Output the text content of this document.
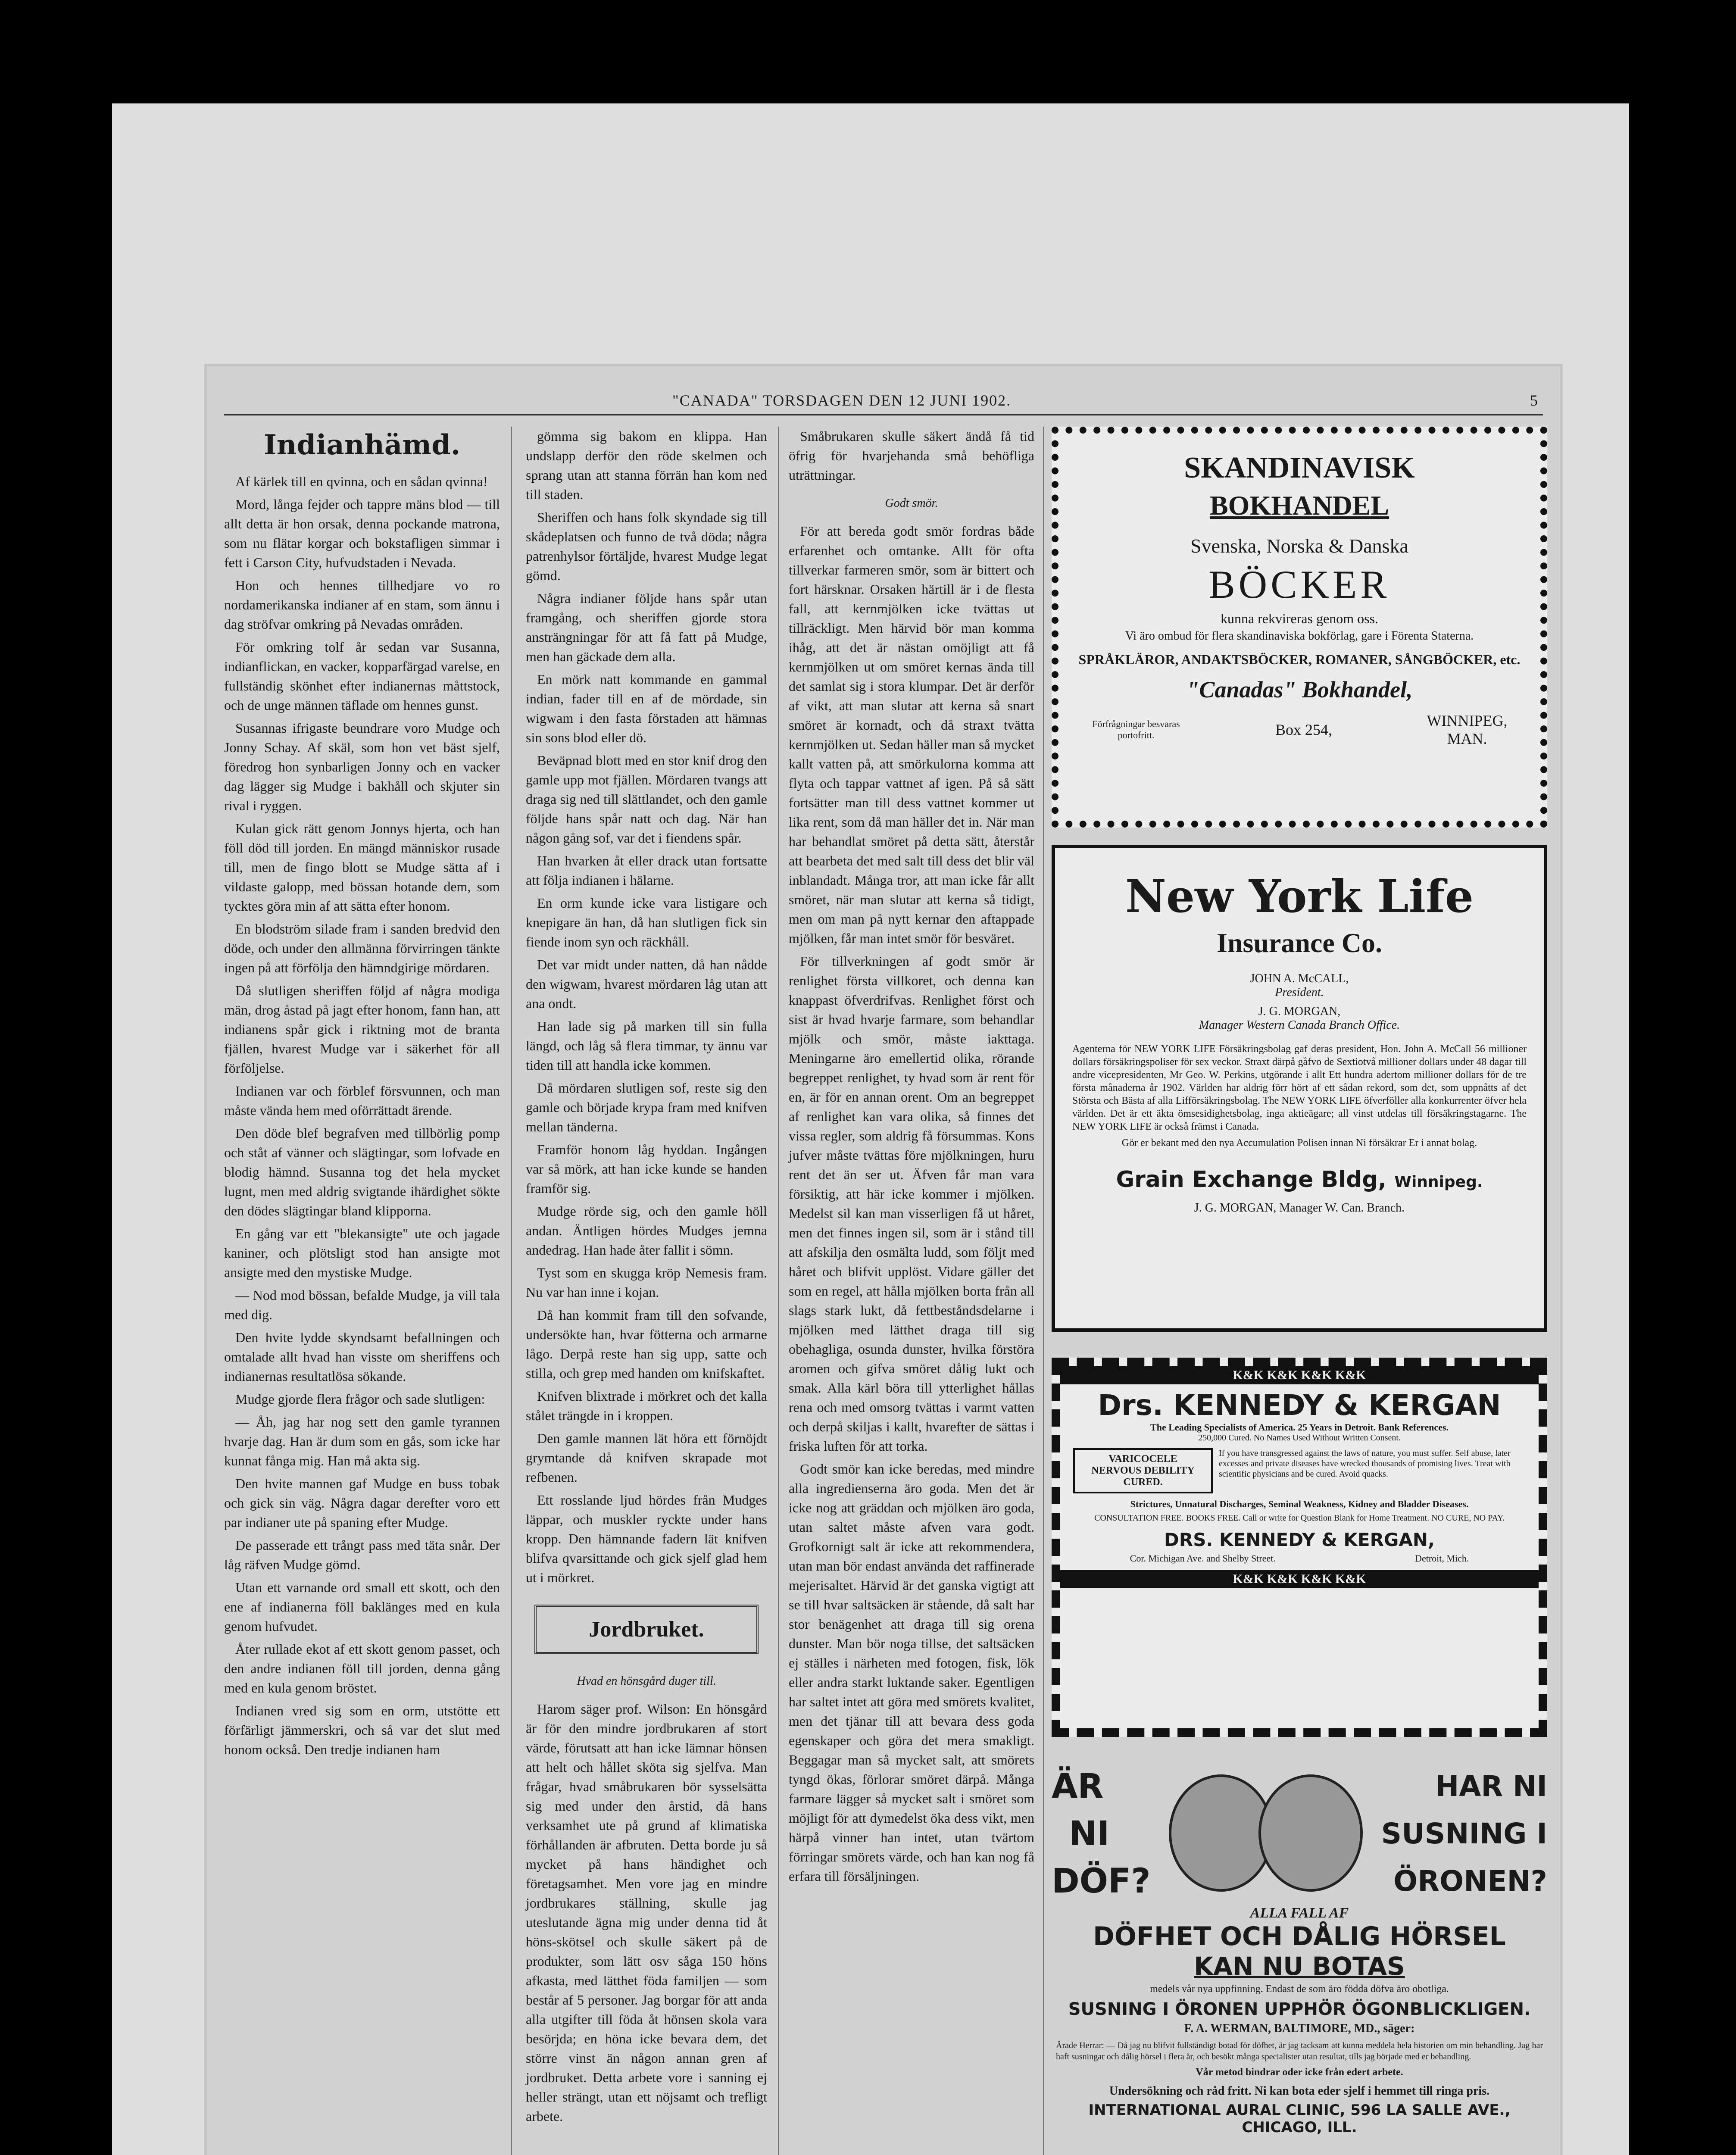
"CANADA" TORSDAGEN DEN 12 JUNI 1902.	5
Indianhämd.

Af kärlek till en qvinna, och en sådan qvinna!

Mord, långa fejder och tappre mäns blod — till allt detta är hon orsak, denna pockande matrona, som nu flätar korgar och bokstafligen simmar i fett i Carson City, hufvudstaden i Nevada.

Hon och hennes tillhedjare vo ro nordamerikanska indianer af en stam, som ännu i dag ströfvar omkring på Nevadas områden.

För omkring tolf år sedan var Susanna, indianflickan, en vacker, kopparfärgad varelse, en fullständig skönhet efter indianernas måttstock, och de unge männen täflade om hennes gunst.

Susannas ifrigaste beundrare voro Mudge och Jonny Schay. Af skäl, som hon vet bäst sjelf, föredrog hon synbarligen Jonny och en vacker dag lägger sig Mudge i bakhåll och skjuter sin rival i ryggen.

Kulan gick rätt genom Jonnys hjerta, och han föll död till jorden. En mängd människor rusade till, men de fingo blott se Mudge sätta af i vildaste galopp, med bössan hotande dem, som tycktes göra min af att sätta efter honom.

En blodström silade fram i sanden bredvid den döde, och under den allmänna förvirringen tänkte ingen på att förfölja den hämndgirige mördaren.

Då slutligen sheriffen följd af några modiga män, drog åstad på jagt efter honom, fann han, att indianens spår gick i riktning mot de branta fjällen, hvarest Mudge var i säkerhet för all förföljelse.

Indianen var och förblef försvunnen, och man måste vända hem med oförrättadt ärende.

Den döde blef begrafven med tillbörlig pomp och ståt af vänner och slägtingar, som lofvade en blodig hämnd. Susanna tog det hela mycket lugnt, men med aldrig svigtande ihärdighet sökte den dödes slägtingar bland klipporna.

En gång var ett "blekansigte" ute och jagade kaniner, och plötsligt stod han ansigte mot ansigte med den mystiske Mudge.

— Nod mod bössan, befalde Mudge, ja vill tala med dig.

Den hvite lydde skyndsamt befallningen och omtalade allt hvad han visste om sheriffens och indianernas resultatlösa sökande.

Mudge gjorde flera frågor och sade slutligen:

— Åh, jag har nog sett den gamle tyrannen hvarje dag. Han är dum som en gås, som icke har kunnat fånga mig. Han må akta sig.

Den hvite mannen gaf Mudge en buss tobak och gick sin väg. Några dagar derefter voro ett par indianer ute på spaning efter Mudge.

De passerade ett trångt pass med täta snår. Der låg räfven Mudge gömd.

Utan ett varnande ord small ett skott, och den ene af indianerna föll baklänges med en kula genom hufvudet.

Åter rullade ekot af ett skott genom passet, och den andre indianen föll till jorden, denna gång med en kula genom bröstet.

Indianen vred sig som en orm, utstötte ett förfärligt jämmerskri, och så var det slut med honom också. Den tredje indianen ham

gömma sig bakom en klippa. Han undslapp derför den röde skelmen och sprang utan att stanna förrän han kom ned till staden.

Sheriffen och hans folk skyndade sig till skådeplatsen och funno de två döda; några patrenhylsor förtäljde, hvarest Mudge legat gömd.

Några indianer följde hans spår utan framgång, och sheriffen gjorde stora ansträngningar för att få fatt på Mudge, men han gäckade dem alla.

En mörk natt kommande en gammal indian, fader till en af de mördade, sin wigwam i den fasta förstaden att hämnas sin sons blod eller dö.

Beväpnad blott med en stor knif drog den gamle upp mot fjällen. Mördaren tvangs att draga sig ned till slättlandet, och den gamle följde hans spår natt och dag. När han någon gång sof, var det i fiendens spår.

Han hvarken åt eller drack utan fortsatte att följa indianen i hälarne.

En orm kunde icke vara listigare och knepigare än han, då han slutligen fick sin fiende inom syn och räckhåll.

Det var midt under natten, då han nådde den wigwam, hvarest mördaren låg utan att ana ondt.

Han lade sig på marken till sin fulla längd, och låg så flera timmar, ty ännu var tiden till att handla icke kommen.

Då mördaren slutligen sof, reste sig den gamle och började krypa fram med knifven mellan tänderna.

Framför honom låg hyddan. Ingången var så mörk, att han icke kunde se handen framför sig.

Mudge rörde sig, och den gamle höll andan. Äntligen hördes Mudges jemna andedrag. Han hade åter fallit i sömn.

Tyst som en skugga kröp Nemesis fram. Nu var han inne i kojan.

Då han kommit fram till den sofvande, undersökte han, hvar fötterna och armarne lågo. Derpå reste han sig upp, satte och stilla, och grep med handen om knifskaftet.

Knifven blixtrade i mörkret och det kalla stålet trängde in i kroppen.

Den gamle mannen lät höra ett förnöjdt grymtande då knifven skrapade mot refbenen.

Ett rosslande ljud hördes från Mudges läppar, och muskler ryckte under hans kropp. Den hämnande fadern lät knifven blifva qvarsittande och gick sjelf glad hem ut i mörkret.

Jordbruket.
Hvad en hönsgård duger till.

Harom säger prof. Wilson: En hönsgård är för den mindre jordbrukaren af stort värde, förutsatt att han icke lämnar hönsen att helt och hållet sköta sig sjelfva. Man frågar, hvad småbrukaren bör sysselsätta sig med under den årstid, då hans verksamhet ute på grund af klimatiska förhållanden är afbruten. Detta borde ju så mycket på hans händighet och företagsamhet. Men vore jag en mindre jordbrukares ställning, skulle jag uteslutande ägna mig under denna tid åt höns-skötsel och skulle säkert på de produkter, som lätt osv såga 150 höns afkasta, med lätthet föda familjen — som består af 5 personer. Jag borgar för att anda alla utgifter till föda åt hönsen skola vara besörjda; en höna icke bevara dem, det större vinst än någon annan gren af jordbruket. Detta arbete vore i sanning ej heller strängt, utan ett nöjsamt och trefligt arbete.

Småbrukaren skulle säkert ändå få tid öfrig för hvarjehanda små behöfliga uträttningar.

Godt smör.

För att bereda godt smör fordras både erfarenhet och omtanke. Allt för ofta tillverkar farmeren smör, som är bittert och fort härsknar. Orsaken härtill är i de flesta fall, att kernmjölken icke tvättas ut tillräckligt. Men härvid bör man komma ihåg, att det är nästan omöjligt att få kernmjölken ut om smöret kernas ända till det samlat sig i stora klumpar. Det är derför af vikt, att man slutar att kerna så snart smöret är kornadt, och då straxt tvätta kernmjölken ut. Sedan häller man så mycket kallt vatten på, att smörkulorna komma att flyta och tappar vattnet af igen. På så sätt fortsätter man till dess vattnet kommer ut lika rent, som då man häller det in. När man har behandlat smöret på detta sätt, återstår att bearbeta det med salt till dess det blir väl inblandadt. Många tror, att man icke får allt smöret, när man slutar att kerna så tidigt, men om man på nytt kernar den aftappade mjölken, får man intet smör för besväret.

För tillverkningen af godt smör är renlighet första villkoret, och denna kan knappast öfverdrifvas. Renlighet först och sist är hvad hvarje farmare, som behandlar mjölk och smör, måste iakttaga. Meningarne äro emellertid olika, rörande begreppet renlighet, ty hvad som är rent för en, är för en annan orent. Om an begreppet af renlighet kan vara olika, så finnes det vissa regler, som aldrig få försummas. Kons jufver måste tvättas före mjölkningen, huru rent det än ser ut. Äfven får man vara försiktig, att här icke kommer i mjölken. Medelst sil kan man visserligen få ut håret, men det finnes ingen sil, som är i stånd till att afskilja den osmälta ludd, som följt med håret och blifvit upplöst. Vidare gäller det som en regel, att hålla mjölken borta från all slags stark lukt, då fettbeståndsdelarne i mjölken med lätthet draga till sig obehagliga, osunda dunster, hvilka förstöra aromen och gifva smöret dålig lukt och smak. Alla kärl böra till ytterlighet hållas rena och med omsorg tvättas i varmt vatten och derpå skiljas i kallt, hvarefter de sättas i friska luften för att torka.

Godt smör kan icke beredas, med mindre alla ingredienserna äro goda. Men det är icke nog att gräddan och mjölken äro goda, utan saltet måste afven vara godt. Grofkornigt salt är icke att rekommendera, utan man bör endast använda det raffinerade mejerisaltet. Härvid är det ganska vigtigt att se till hvar saltsäcken är stående, då salt har stor benägenhet att draga till sig orena dunster. Man bör noga tillse, det saltsäcken ej ställes i närheten med fotogen, fisk, lök eller andra starkt luktande saker. Egentligen har saltet intet att göra med smörets kvalitet, men det tjänar till att bevara dess goda egenskaper och göra det mera smakligt. Beggagar man så mycket salt, att smörets tyngd ökas, förlorar smöret därpå. Många farmare lägger så mycket salt i smöret som möjligt för att dymedelst öka dess vikt, men härpå vinner han intet, utan tvärtom förringar smörets värde, och han kan nog få erfara till försäljningen.

SKANDINAVISK
BOKHANDEL
Svenska, Norska & Danska
BÖCKER
kunna rekvireras genom oss.
Vi äro ombud för flera skandinaviska bokförlag, gare i Förenta Staterna.
SPRÅKLÄROR, ANDAKTSBÖCKER, ROMANER, SÅNGBÖCKER, etc.
"Canadas" Bokhandel,
Förfrågningar besvaras portofritt.	Box 254,
WINNIPEG, MAN.
New York Life
Insurance Co.
JOHN A. McCALL,
President.
J. G. MORGAN,
Manager Western Canada Branch Office.
Agenterna för NEW YORK LIFE Försäkringsbolag gaf deras president, Hon. John A. McCall 56 millioner dollars försäkringspoliser för sex veckor. Straxt därpå gåfvo de Sextiotvå millioner dollars under 48 dagar till andre vicepresidenten, Mr Geo. W. Perkins, utgörande i allt Ett hundra adertom millioner dollars för de tre första månaderna år 1902. Världen har aldrig förr hört af ett sådan rekord, som det, som uppnåtts af det Största och Bästa af alla Lifförsäkringsbolag. The NEW YORK LIFE öfverföller alla konkurrenter öfver hela världen. Det är ett äkta ömsesidighetsbolag, inga aktieägare; all vinst utdelas till försäkringstagarne. The NEW YORK LIFE är också främst i Canada.
Gör er bekant med den nya Accumulation Polisen innan Ni försäkrar Er i annat bolag.
Grain Exchange Bldg, Winnipeg.
J. G. MORGAN, Manager W. Can. Branch.
K&K K&K K&K K&K
Drs. KENNEDY & KERGAN
The Leading Specialists of America. 25 Years in Detroit. Bank References.
250,000 Cured. No Names Used Without Written Consent.
VARICOCELE
NERVOUS DEBILITY
CURED.
If you have transgressed against the laws of nature, you must suffer. Self abuse, later excesses and private diseases have wrecked thousands of promising lives. Treat with scientific physicians and be cured. Avoid quacks.
Strictures, Unnatural Discharges, Seminal Weakness, Kidney and Bladder Diseases.
CONSULTATION FREE. BOOKS FREE. Call or write for Question Blank for Home Treatment. NO CURE, NO PAY.
DRS. KENNEDY & KERGAN,
Cor. Michigan Ave. and Shelby Street.	Detroit, Mich.
K&K K&K K&K K&K
ÄR
NI
DÖF?

HAR NI
SUSNING I
ÖRONEN?
ALLA FALL AF
DÖFHET OCH DÅLIG HÖRSEL
KAN NU BOTAS
medels vår nya uppfinning. Endast de som äro födda döfva äro obotliga.
SUSNING I ÖRONEN UPPHÖR ÖGONBLICKLIGEN.
F. A. WERMAN, BALTIMORE, MD., säger:
Ärade Herrar: — Då jag nu blifvit fullständigt botad för döfhet, är jag tacksam att kunna meddela hela historien om min behandling. Jag har haft susningar och dålig hörsel i flera år, och besökt många specialister utan resultat, tills jag började med er behandling.
Vår metod bindrar oder icke från edert arbete.
Undersökning och råd fritt. Ni kan bota eder sjelf i hemmet till ringa pris.
INTERNATIONAL AURAL CLINIC, 596 LA SALLE AVE., CHICAGO, ILL.
